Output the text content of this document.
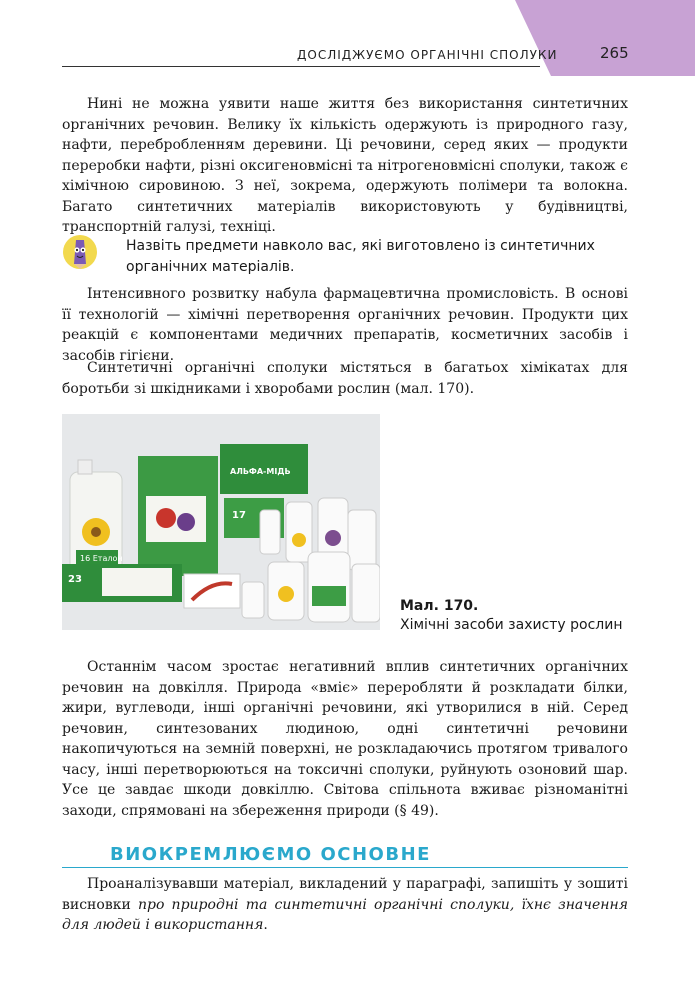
ДОСЛІДЖУЄМО ОРГАНІЧНІ СПОЛУКИ	265

Нині не можна уявити наше життя без використання синтетичних органічних речовин. Велику їх кількість одержують із природного газу, нафти, перебробленням деревини. Ці речовини, серед яких — продукти переробки нафти, різні оксигеновмісні та нітрогеновмісні сполуки, також є хімічною сировиною. З неї, зокрема, одержують полімери та волокна. Багато синтетичних матеріалів використовують у будівництві, транспортній галузі, техніці.

Назвіть предмети навколо вас, які виготовлено із синтетичних органічних матеріалів.

Інтенсивного розвитку набула фармацевтична промисловість. В основі її технологій — хімічні перетворення органічних речовин. Продукти цих реакцій є компонентами медичних препаратів, косметичних засобів і засобів гігієни.

Синтетичні органічні сполуки містяться в багатьох хімікатах для боротьби зі шкідниками і хворобами рослин (мал. 170).

16 Еталон
АЛЬФА-МІДЬ
17
23
Мал. 170.
Хімічні засоби захисту рослин

Останнім часом зростає негативний вплив синтетичних органічних речовин на довкілля. Природа «вміє» переробляти й розкладати білки, жири, вуглеводи, інші органічні речовини, які утворилися в ній. Серед речовин, синтезованих людиною, одні синтетичні речовини накопичуються на земній поверхні, не розкладаючись протягом тривалого часу, інші перетворюються на токсичні сполуки, руйнують озоновий шар. Усе це завдає шкоди довкіллю. Світова спільнота вживає різноманітні заходи, спрямовані на збереження природи (§ 49).

ВИОКРЕМЛЮЄМО ОСНОВНЕ

Проаналізувавши матеріал, викладений у параграфі, запишіть у зошиті висновки про природні та синтетичні органічні сполуки, їхнє значення для людей і використання.
